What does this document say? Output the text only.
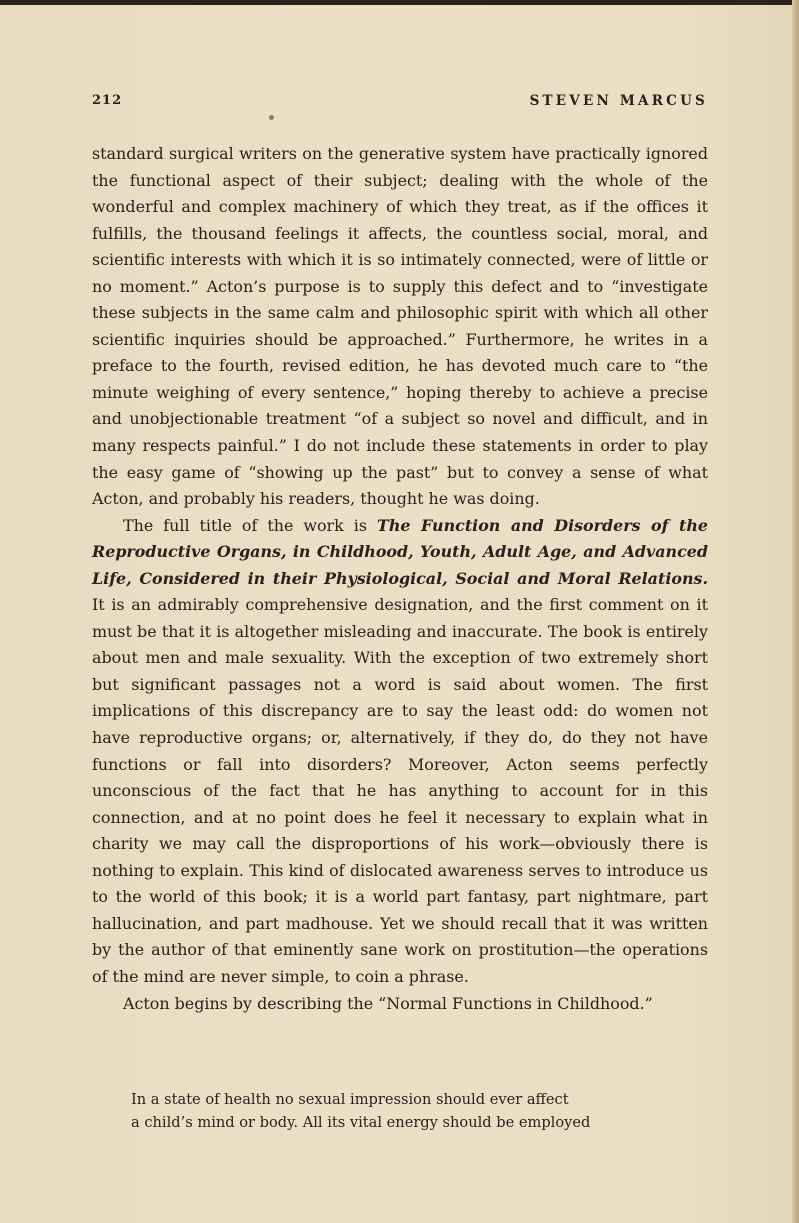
212	STEVEN MARCUS

standard surgical writers on the generative system have practically ignored the functional aspect of their subject; dealing with the whole of the wonderful and complex machinery of which they treat, as if the offices it fulfills, the thousand feelings it affects, the countless social, moral, and scientific interests with which it is so intimately connected, were of little or no moment.” Acton’s purpose is to supply this defect and to “investigate these subjects in the same calm and philosophic spirit with which all other scientific inquiries should be approached.” Furthermore, he writes in a preface to the fourth, revised edition, he has devoted much care to “the minute weighing of every sentence,” hoping thereby to achieve a precise and unobjectionable treatment “of a subject so novel and difficult, and in many respects painful.” I do not include these statements in order to play the easy game of “showing up the past” but to convey a sense of what Acton, and probably his readers, thought he was doing.

The full title of the work is The Function and Disorders of the Reproductive Organs, in Childhood, Youth, Adult Age, and Advanced Life, Considered in their Physiological, Social and Moral Relations. It is an admirably comprehensive designation, and the first comment on it must be that it is altogether misleading and inaccurate. The book is entirely about men and male sexuality. With the exception of two extremely short but significant passages not a word is said about women. The first implications of this discrepancy are to say the least odd: do women not have reproductive organs; or, alternatively, if they do, do they not have functions or fall into disorders? Moreover, Acton seems perfectly unconscious of the fact that he has anything to account for in this connection, and at no point does he feel it necessary to explain what in charity we may call the disproportions of his work—obviously there is nothing to explain. This kind of dislocated awareness serves to introduce us to the world of this book; it is a world part fantasy, part nightmare, part hallucination, and part madhouse. Yet we should recall that it was written by the author of that eminently sane work on prostitution—the operations of the mind are never simple, to coin a phrase.

Acton begins by describing the “Normal Functions in Childhood.”

In a state of health no sexual impression should ever affect

a child’s mind or body. All its vital energy should be employed
